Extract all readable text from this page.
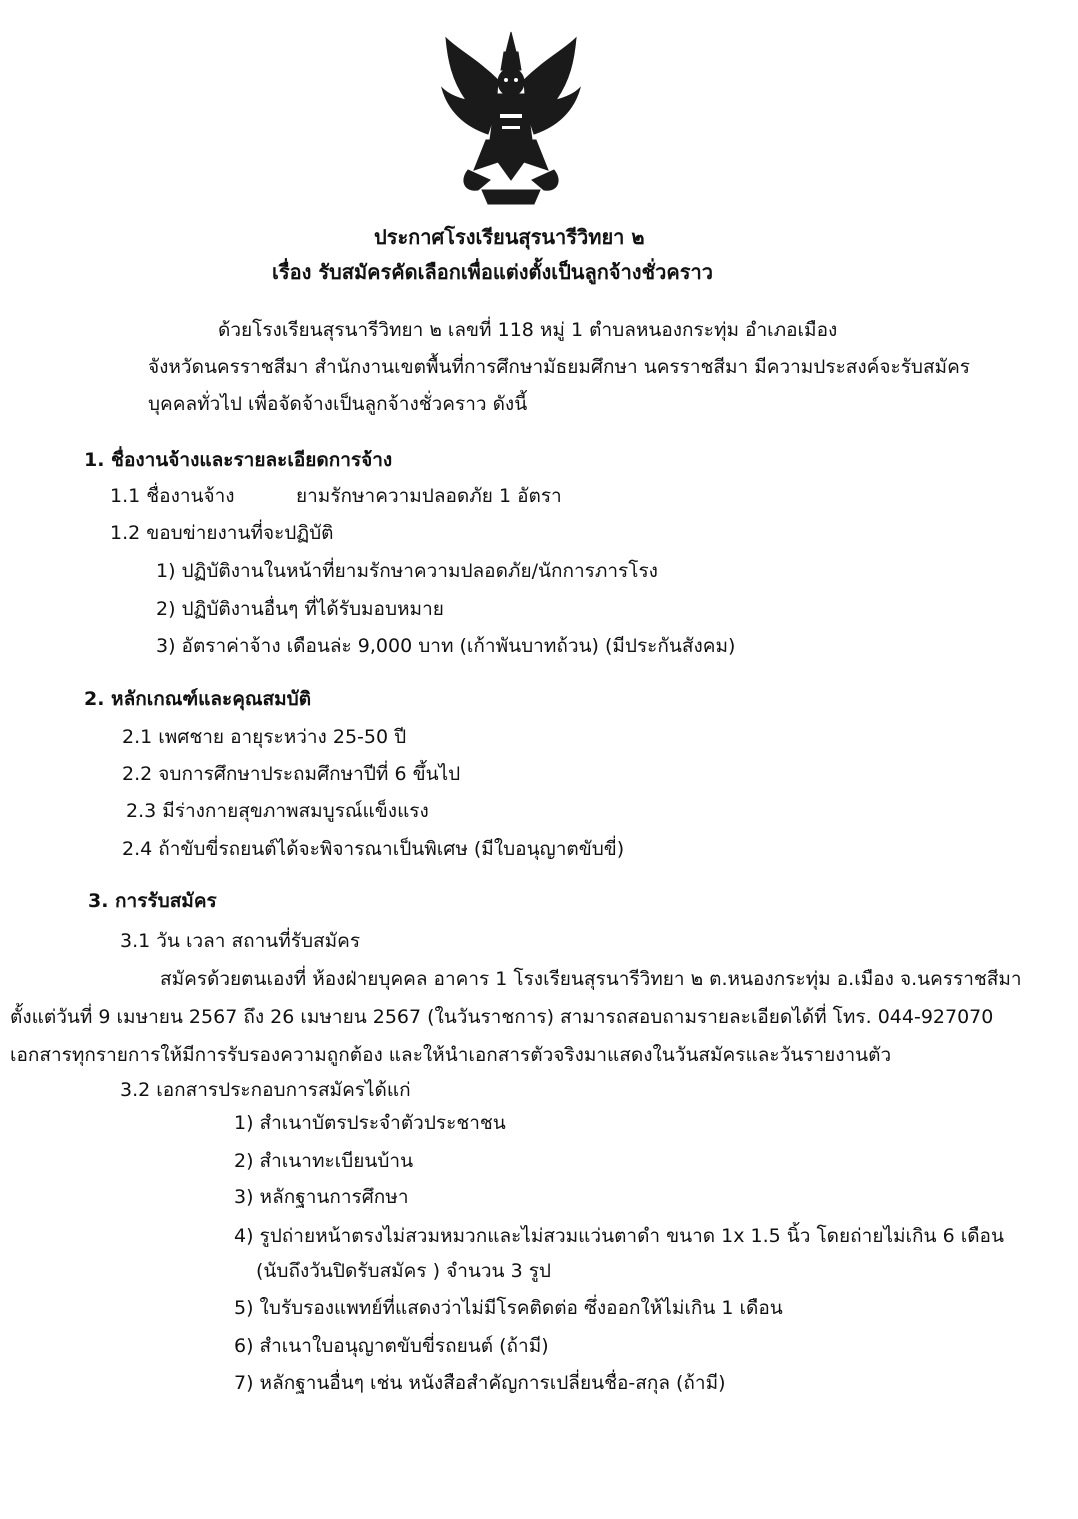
ประกาศโรงเรียนสุรนารีวิทยา ๒
เรื่อง รับสมัครคัดเลือกเพื่อแต่งตั้งเป็นลูกจ้างชั่วคราว
ด้วยโรงเรียนสุรนารีวิทยา ๒ เลขที่ 118 หมู่ 1 ตำบลหนองกระทุ่ม อำเภอเมือง
จังหวัดนครราชสีมา สำนักงานเขตพื้นที่การศึกษามัธยมศึกษา นครราชสีมา มีความประสงค์จะรับสมัคร
บุคคลทั่วไป เพื่อจัดจ้างเป็นลูกจ้างชั่วคราว ดังนี้
1. ชื่องานจ้างและรายละเอียดการจ้าง
1.1 ชื่องานจ้าง	ยามรักษาความปลอดภัย 1 อัตรา
1.2 ขอบข่ายงานที่จะปฏิบัติ
1) ปฏิบัติงานในหน้าที่ยามรักษาความปลอดภัย/นักการภารโรง
2) ปฏิบัติงานอื่นๆ ที่ได้รับมอบหมาย
3) อัตราค่าจ้าง เดือนล่ะ 9,000 บาท (เก้าพันบาทถ้วน) (มีประกันสังคม)
2. หลักเกณฑ์และคุณสมบัติ
2.1 เพศชาย อายุระหว่าง 25-50 ปี
2.2 จบการศึกษาประถมศึกษาปีที่ 6 ขึ้นไป
2.3 มีร่างกายสุขภาพสมบูรณ์แข็งแรง
2.4 ถ้าขับขี่รถยนต์ได้จะพิจารณาเป็นพิเศษ (มีใบอนุญาตขับขี่)
3. การรับสมัคร
3.1 วัน เวลา สถานที่รับสมัคร
สมัครด้วยตนเองที่ ห้องฝ่ายบุคคล อาคาร 1 โรงเรียนสุรนารีวิทยา ๒ ต.หนองกระทุ่ม อ.เมือง จ.นครราชสีมา
ตั้งแต่วันที่ 9 เมษายน 2567 ถึง 26 เมษายน 2567 (ในวันราชการ) สามารถสอบถามรายละเอียดได้ที่ โทร. 044-927070
เอกสารทุกรายการให้มีการรับรองความถูกต้อง และให้นำเอกสารตัวจริงมาแสดงในวันสมัครและวันรายงานตัว
3.2 เอกสารประกอบการสมัครได้แก่
1) สำเนาบัตรประจำตัวประชาชน
2) สำเนาทะเบียนบ้าน
3) หลักฐานการศึกษา
4) รูปถ่ายหน้าตรงไม่สวมหมวกและไม่สวมแว่นตาดำ ขนาด 1x 1.5 นิ้ว โดยถ่ายไม่เกิน 6 เดือน
(นับถึงวันปิดรับสมัคร ) จำนวน 3 รูป
5) ใบรับรองแพทย์ที่แสดงว่าไม่มีโรคติดต่อ ซึ่งออกให้ไม่เกิน 1 เดือน
6) สำเนาใบอนุญาตขับขี่รถยนต์ (ถ้ามี)
7) หลักฐานอื่นๆ เช่น หนังสือสำคัญการเปลี่ยนชื่อ-สกุล (ถ้ามี)
